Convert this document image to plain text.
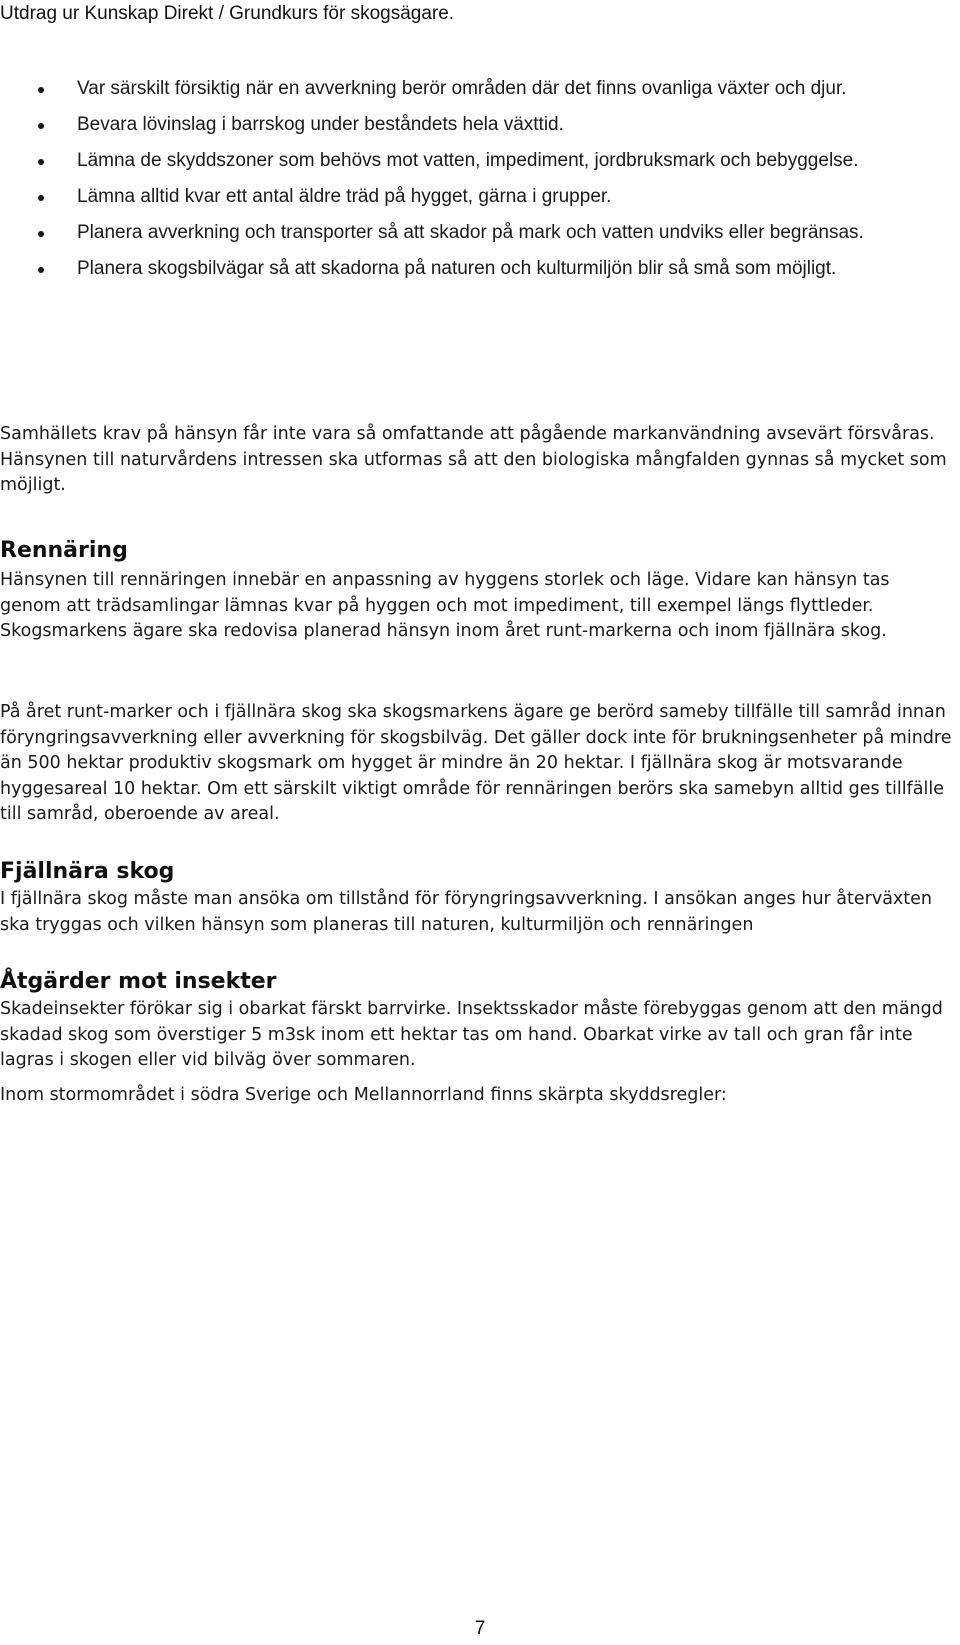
Utdrag ur Kunskap Direkt / Grundkurs för skogsägare.
Var särskilt försiktig när en avverkning berör områden där det finns ovanliga växter och djur.
Bevara lövinslag i barrskog under beståndets hela växttid.
Lämna de skyddszoner som behövs mot vatten, impediment, jordbruksmark och bebyggelse.
Lämna alltid kvar ett antal äldre träd på hygget, gärna i grupper.
Planera avverkning och transporter så att skador på mark och vatten undviks eller begränsas.
Planera skogsbilvägar så att skadorna på naturen och kulturmiljön blir så små som möjligt.

Samhällets krav på hänsyn får inte vara så omfattande att pågående markanvändning avsevärt försvåras. Hänsynen till naturvårdens intressen ska utformas så att den biologiska mångfalden gynnas så mycket som möjligt.

Rennäring

Hänsynen till rennäringen innebär en anpassning av hyggens storlek och läge. Vidare kan hänsyn tas genom att trädsamlingar lämnas kvar på hyggen och mot impediment, till exempel längs flyttleder. Skogsmarkens ägare ska redovisa planerad hänsyn inom året runt-markerna och inom fjällnära skog.

På året runt-marker och i fjällnära skog ska skogsmarkens ägare ge berörd sameby tillfälle till samråd innan föryngringsavverkning eller avverkning för skogsbilväg. Det gäller dock inte för brukningsenheter på mindre än 500 hektar produktiv skogsmark om hygget är mindre än 20 hektar. I fjällnära skog är motsvarande hyggesareal 10 hektar. Om ett särskilt viktigt område för rennäringen berörs ska samebyn alltid ges tillfälle till samråd, oberoende av areal.

Fjällnära skog

I fjällnära skog måste man ansöka om tillstånd för föryngringsavverkning. I ansökan anges hur återväxten ska tryggas och vilken hänsyn som planeras till naturen, kulturmiljön och rennäringen

Åtgärder mot insekter

Skadeinsekter förökar sig i obarkat färskt barrvirke. Insektsskador måste förebyggas genom att den mängd skadad skog som överstiger 5 m3sk inom ett hektar tas om hand. Obarkat virke av tall och gran får inte lagras i skogen eller vid bilväg över sommaren.

Inom stormområdet i södra Sverige och Mellannorrland finns skärpta skyddsregler:

7
